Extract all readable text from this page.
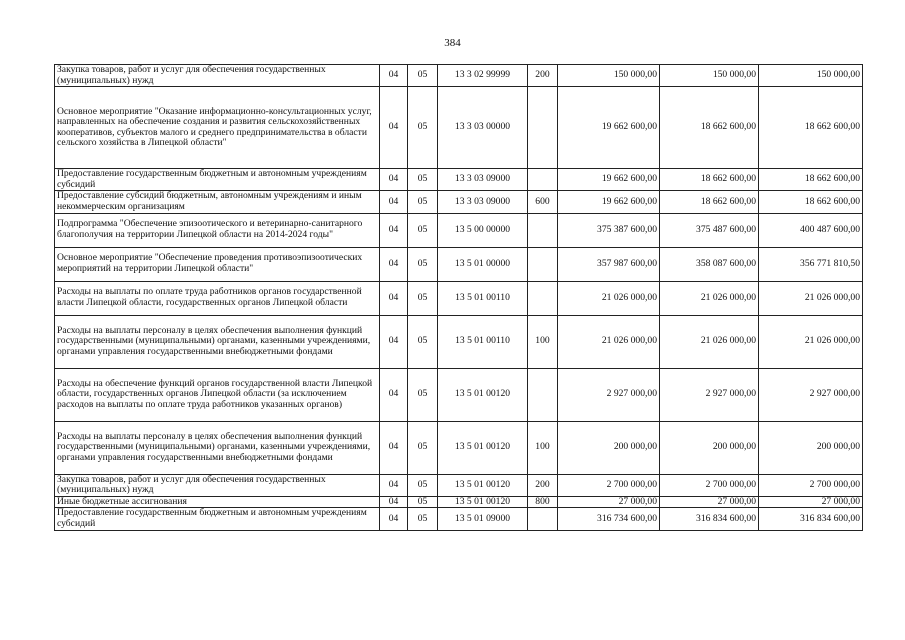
384
Закупка товаров, работ и услуг для обеспечения государственных (муниципальных) нужд	04	05	13 3 02 99999	200	150 000,00	150 000,00	150 000,00
Основное мероприятие "Оказание информационно-консультационных услуг, направленных на обеспечение создания и развития сельскохозяйственных кооперативов, субъектов малого и среднего предпринимательства в области сельского хозяйства в Липецкой области"	04	05	13 3 03 00000		19 662 600,00	18 662 600,00	18 662 600,00
Предоставление государственным бюджетным и автономным учреждениям субсидий	04	05	13 3 03 09000		19 662 600,00	18 662 600,00	18 662 600,00
Предоставление субсидий бюджетным, автономным учреждениям и иным некоммерческим организациям	04	05	13 3 03 09000	600	19 662 600,00	18 662 600,00	18 662 600,00
Подпрограмма "Обеспечение эпизоотического и ветеринарно-санитарного благополучия на территории Липецкой области на 2014-2024 годы"	04	05	13 5 00 00000		375 387 600,00	375 487 600,00	400 487 600,00
Основное мероприятие "Обеспечение проведения противоэпизоотических мероприятий на территории Липецкой области"	04	05	13 5 01 00000		357 987 600,00	358 087 600,00	356 771 810,50
Расходы на выплаты по оплате труда работников органов государственной власти Липецкой области, государственных органов Липецкой области	04	05	13 5 01 00110		21 026 000,00	21 026 000,00	21 026 000,00
Расходы на выплаты персоналу в целях обеспечения выполнения функций государственными (муниципальными) органами, казенными учреждениями, органами управления государственными внебюджетными фондами	04	05	13 5 01 00110	100	21 026 000,00	21 026 000,00	21 026 000,00
Расходы на обеспечение функций органов государственной власти Липецкой области, государственных органов Липецкой области (за исключением расходов на выплаты по оплате труда работников указанных органов)	04	05	13 5 01 00120		2 927 000,00	2 927 000,00	2 927 000,00
Расходы на выплаты персоналу в целях обеспечения выполнения функций государственными (муниципальными) органами, казенными учреждениями, органами управления государственными внебюджетными фондами	04	05	13 5 01 00120	100	200 000,00	200 000,00	200 000,00
Закупка товаров, работ и услуг для обеспечения государственных (муниципальных) нужд	04	05	13 5 01 00120	200	2 700 000,00	2 700 000,00	2 700 000,00
Иные бюджетные ассигнования	04	05	13 5 01 00120	800	27 000,00	27 000,00	27 000,00
Предоставление государственным бюджетным и автономным учреждениям субсидий	04	05	13 5 01 09000		316 734 600,00	316 834 600,00	316 834 600,00
